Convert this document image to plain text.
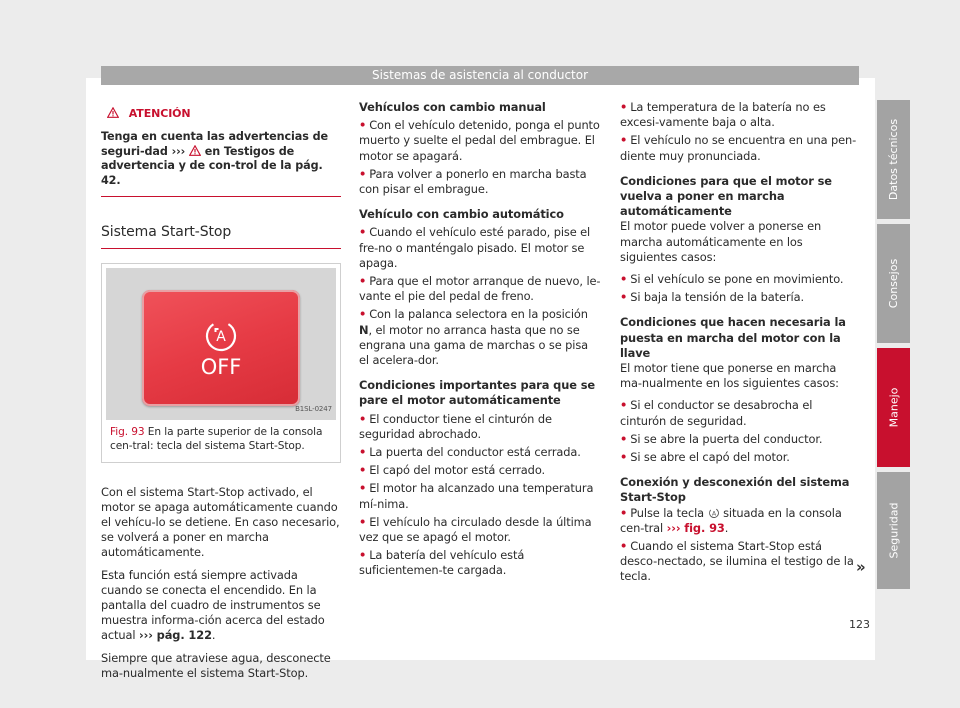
Sistemas de asistencia al conductor
ATENCIÓN
Tenga en cuenta las advertencias de seguri-dad ›››  en Testigos de advertencia y de con-trol de la pág. 42.
Sistema Start-Stop
A
OFF
B1SL-0247
Fig. 93 En la parte superior de la consola cen-tral: tecla del sistema Start-Stop.

Con el sistema Start-Stop activado, el motor se apaga automáticamente cuando el vehícu-lo se detiene. En caso necesario, se volverá a poner en marcha automáticamente.

Esta función está siempre activada cuando se conecta el encendido. En la pantalla del cuadro de instrumentos se muestra informa-ción acerca del estado actual ››› pág. 122.

Siempre que atraviese agua, desconecte ma-nualmente el sistema Start-Stop.

Vehículos con cambio manual

• Con el vehículo detenido, ponga el punto muerto y suelte el pedal del embrague. El motor se apagará.

• Para volver a ponerlo en marcha basta con pisar el embrague.

Vehículo con cambio automático

• Cuando el vehículo esté parado, pise el fre-no o manténgalo pisado. El motor se apaga.

• Para que el motor arranque de nuevo, le-vante el pie del pedal de freno.

• Con la palanca selectora en la posición N, el motor no arranca hasta que no se engrana una gama de marchas o se pisa el acelera-dor.

Condiciones importantes para que se pare el motor automáticamente

• El conductor tiene el cinturón de seguridad abrochado.

• La puerta del conductor está cerrada.

• El capó del motor está cerrado.

• El motor ha alcanzado una temperatura mí-nima.

• El vehículo ha circulado desde la última vez que se apagó el motor.

• La batería del vehículo está suficientemen-te cargada.

• La temperatura de la batería no es excesi-vamente baja o alta.

• El vehículo no se encuentra en una pen-diente muy pronunciada.

Condiciones para que el motor se vuelva a poner en marcha automáticamente

El motor puede volver a ponerse en marcha automáticamente en los siguientes casos:

• Si el vehículo se pone en movimiento.

• Si baja la tensión de la batería.

Condiciones que hacen necesaria la puesta en marcha del motor con la llave

El motor tiene que ponerse en marcha ma-nualmente en los siguientes casos:

• Si el conductor se desabrocha el cinturón de seguridad.

• Si se abre la puerta del conductor.

• Si se abre el capó del motor.

Conexión y desconexión del sistema Start-Stop

• Pulse la tecla A situada en la consola cen-tral ››› fig. 93.

• Cuando el sistema Start-Stop está desco-nectado, se ilumina el testigo de la tecla.

Datos técnicos
Consejos
Manejo
Seguridad
»
123
